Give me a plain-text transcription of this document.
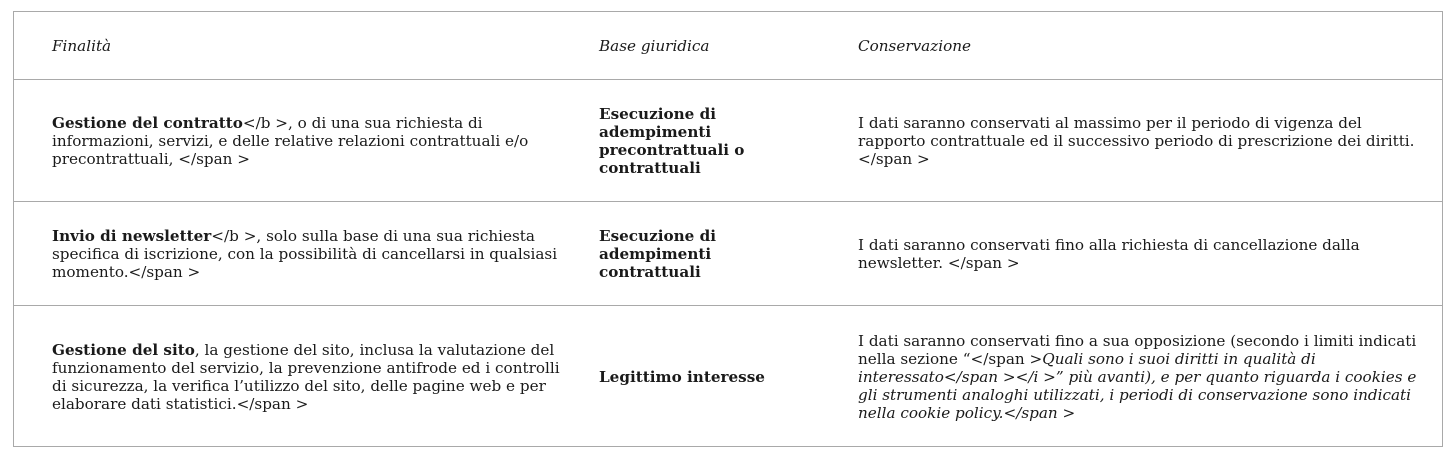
Finalità	Base giuridica	Conservazione
Gestione del contratto</b >, o di una sua richiesta di informazioni, servizi, e delle relative relazioni contrattuali e/o precontrattuali, </span >
Esecuzione di adempimenti precontrattuali o contrattuali
I dati saranno conservati al massimo per il periodo di vigenza del rapporto contrattuale ed il successivo periodo di prescrizione dei diritti. </span >
Invio di newsletter</b >, solo sulla base di una sua richiesta specifica di iscrizione, con la possibilità di cancellarsi in qualsiasi momento.</span >
Esecuzione di adempimenti contrattuali
I dati saranno conservati fino alla richiesta di cancellazione dalla newsletter. </span >
Gestione del sito, la gestione del sito, inclusa la valutazione del funzionamento del servizio, la prevenzione antifrode ed i controlli di sicurezza, la verifica l’utilizzo del sito, delle pagine web e per elaborare dati statistici.</span >
Legittimo interesse
I dati saranno conservati fino a sua opposizione (secondo i limiti indicati nella sezione “</span >Quali sono i suoi diritti in qualità di interessato</span ></i >” più avanti), e per quanto riguarda i cookies e gli strumenti analoghi utilizzati, i periodi di conservazione sono indicati nella cookie policy.</span >
